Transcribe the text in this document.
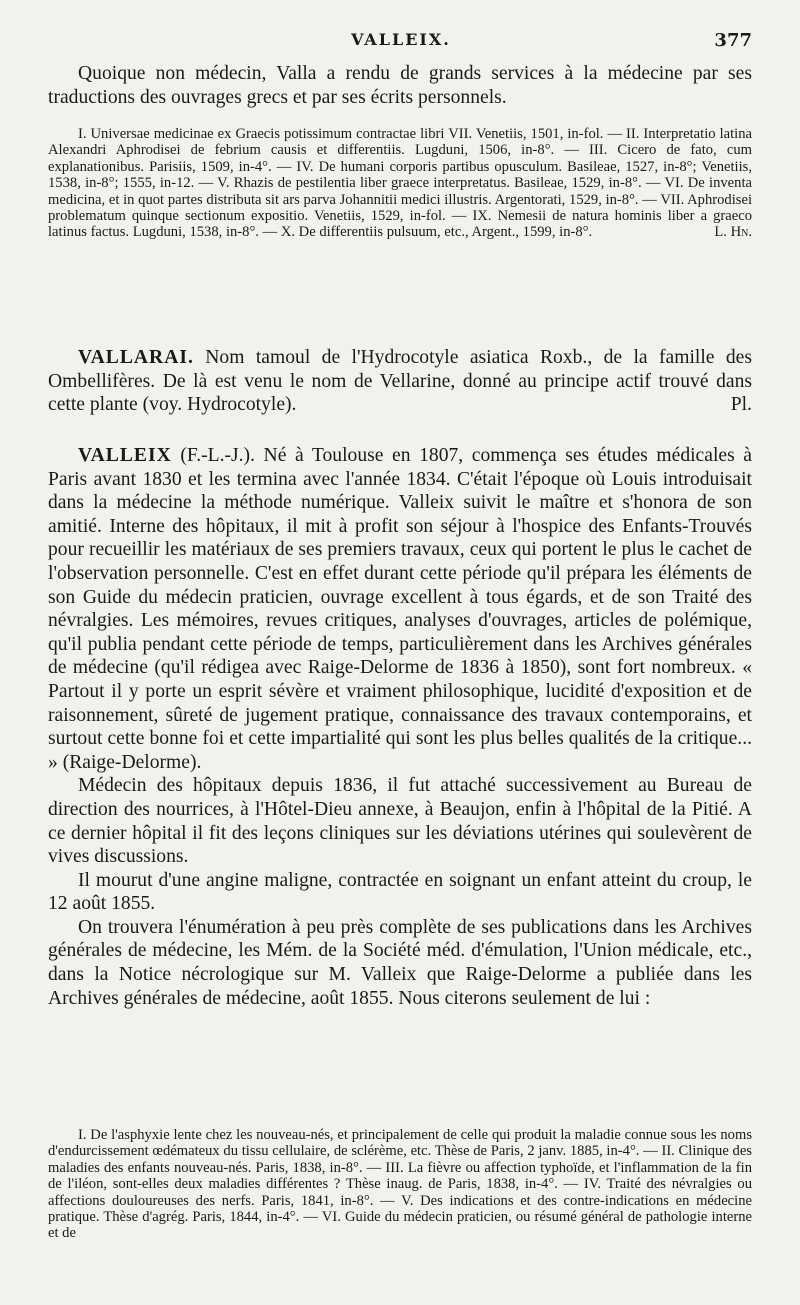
VALLEIX.	377

Quoique non médecin, Valla a rendu de grands services à la médecine par ses traductions des ouvrages grecs et par ses écrits personnels.

I. Universae medicinae ex Graecis potissimum contractae libri VII. Venetiis, 1501, in-fol. — II. Interpretatio latina Alexandri Aphrodisei de febrium causis et differentiis. Lugduni, 1506, in-8°. — III. Cicero de fato, cum explanationibus. Parisiis, 1509, in-4°. — IV. De humani corporis partibus opusculum. Basileae, 1527, in-8°; Venetiis, 1538, in-8°; 1555, in-12. — V. Rhazis de pestilentia liber graece interpretatus. Basileae, 1529, in-8°. — VI. De inventa medicina, et in quot partes distributa sit ars parva Johannitii medici illustris. Argentorati, 1529, in-8°. — VII. Aphrodisei problematum quinque sectionum expositio. Venetiis, 1529, in-fol. — IX. Nemesii de natura hominis liber a graeco latinus factus. Lugduni, 1538, in-8°. — X. De differentiis pulsuum, etc., Argent., 1599, in-8°.	L. Hn.

VALLARAI. Nom tamoul de l'Hydrocotyle asiatica Roxb., de la famille des Ombellifères. De là est venu le nom de Vellarine, donné au principe actif trouvé dans cette plante (voy. Hydrocotyle).	Pl.

VALLEIX (F.-L.-J.). Né à Toulouse en 1807, commença ses études médicales à Paris avant 1830 et les termina avec l'année 1834. C'était l'époque où Louis introduisait dans la médecine la méthode numérique. Valleix suivit le maître et s'honora de son amitié. Interne des hôpitaux, il mit à profit son séjour à l'hospice des Enfants-Trouvés pour recueillir les matériaux de ses premiers travaux, ceux qui portent le plus le cachet de l'observation personnelle. C'est en effet durant cette période qu'il prépara les éléments de son Guide du médecin praticien, ouvrage excellent à tous égards, et de son Traité des névralgies. Les mémoires, revues critiques, analyses d'ouvrages, articles de polémique, qu'il publia pendant cette période de temps, particulièrement dans les Archives générales de médecine (qu'il rédigea avec Raige-Delorme de 1836 à 1850), sont fort nombreux. « Partout il y porte un esprit sévère et vraiment philosophique, lucidité d'exposition et de raisonnement, sûreté de jugement pratique, connaissance des travaux contemporains, et surtout cette bonne foi et cette impartialité qui sont les plus belles qualités de la critique... » (Raige-Delorme).

Médecin des hôpitaux depuis 1836, il fut attaché successivement au Bureau de direction des nourrices, à l'Hôtel-Dieu annexe, à Beaujon, enfin à l'hôpital de la Pitié. A ce dernier hôpital il fit des leçons cliniques sur les déviations utérines qui soulevèrent de vives discussions.

Il mourut d'une angine maligne, contractée en soignant un enfant atteint du croup, le 12 août 1855.

On trouvera l'énumération à peu près complète de ses publications dans les Archives générales de médecine, les Mém. de la Société méd. d'émulation, l'Union médicale, etc., dans la Notice nécrologique sur M. Valleix que Raige-Delorme a publiée dans les Archives générales de médecine, août 1855. Nous citerons seulement de lui :

I. De l'asphyxie lente chez les nouveau-nés, et principalement de celle qui produit la maladie connue sous les noms d'endurcissement œdémateux du tissu cellulaire, de sclérème, etc. Thèse de Paris, 2 janv. 1885, in-4°. — II. Clinique des maladies des enfants nouveau-nés. Paris, 1838, in-8°. — III. La fièvre ou affection typhoïde, et l'inflammation de la fin de l'iléon, sont-elles deux maladies différentes ? Thèse inaug. de Paris, 1838, in-4°. — IV. Traité des névralgies ou affections douloureuses des nerfs. Paris, 1841, in-8°. — V. Des indications et des contre-indications en médecine pratique. Thèse d'agrég. Paris, 1844, in-4°. — VI. Guide du médecin praticien, ou résumé général de pathologie interne et de
